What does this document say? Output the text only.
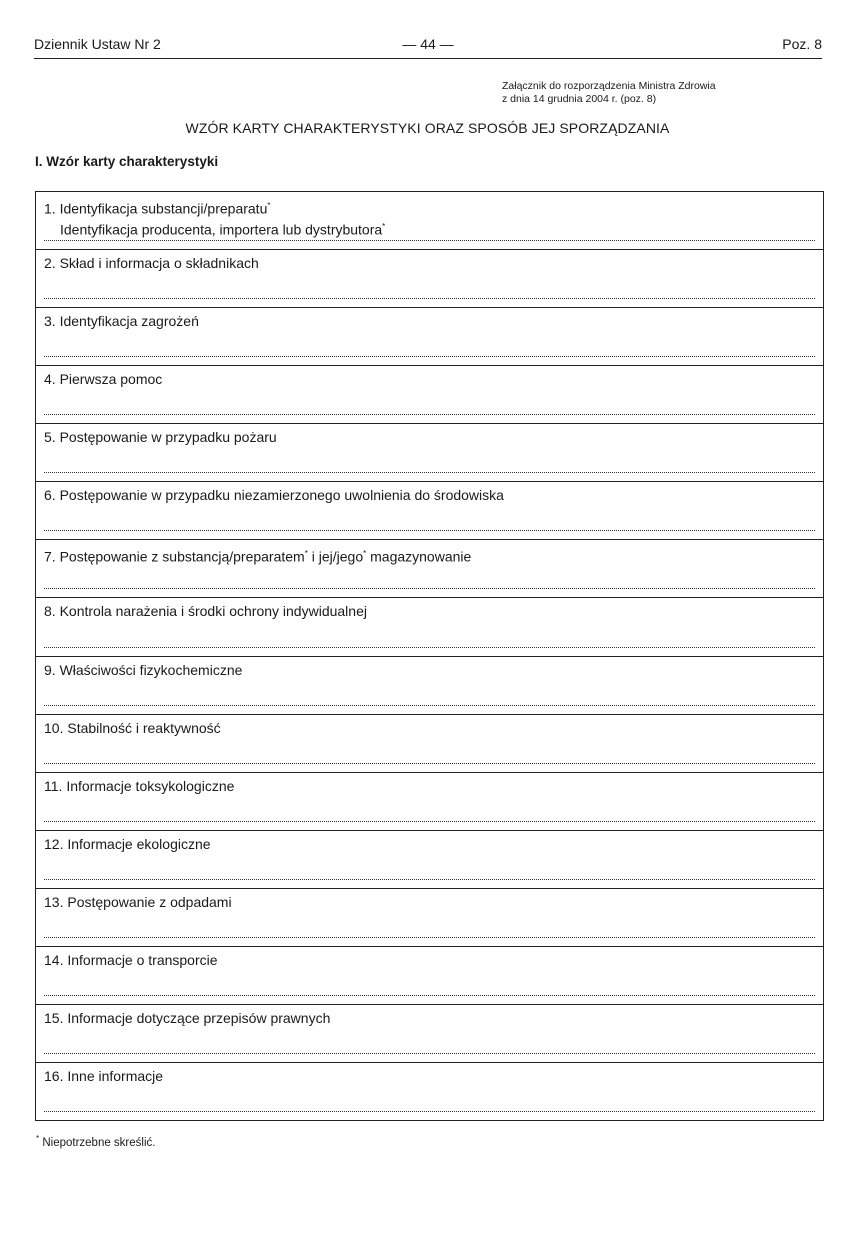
Dziennik Ustaw Nr 2	— 44 —	Poz. 8
Załącznik do rozporządzenia Ministra Zdrowia
z dnia 14 grudnia 2004 r. (poz. 8)
WZÓR KARTY CHARAKTERYSTYKI ORAZ SPOSÓB JEJ SPORZĄDZANIA
I. Wzór karty charakterystyki
1. Identyfikacja substancji/preparatu*
Identyfikacja producenta, importera lub dystrybutora*
2. Skład i informacja o składnikach
3. Identyfikacja zagrożeń
4. Pierwsza pomoc
5. Postępowanie w przypadku pożaru
6. Postępowanie w przypadku niezamierzonego uwolnienia do środowiska
7. Postępowanie z substancją/preparatem* i jej/jego* magazynowanie
8. Kontrola narażenia i środki ochrony indywidualnej
9. Właściwości fizykochemiczne
10. Stabilność i reaktywność
11. Informacje toksykologiczne
12. Informacje ekologiczne
13. Postępowanie z odpadami
14. Informacje o transporcie
15. Informacje dotyczące przepisów prawnych
16. Inne informacje
* Niepotrzebne skreślić.
